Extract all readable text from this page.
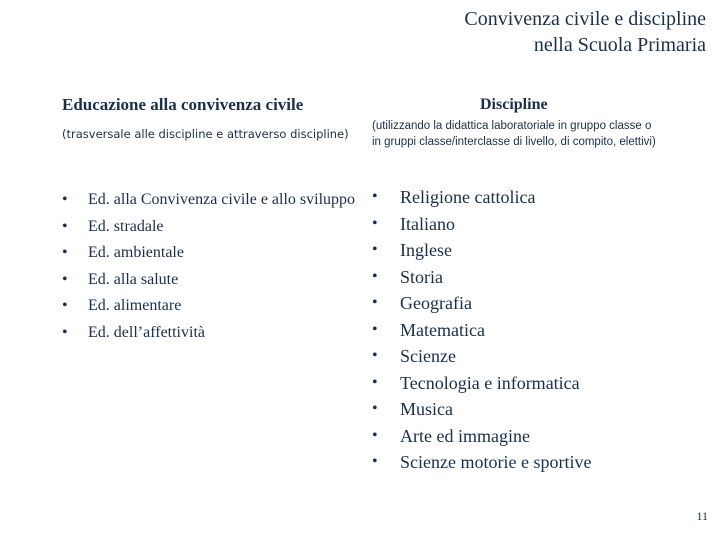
Convivenza civile e discipline
nella Scuola Primaria

Educazione alla convivenza civile

(trasversale alle discipline e attraverso discipline)

Discipline

(utilizzando la didattica laboratoriale in gruppo classe o in gruppi classe/interclasse di livello, di compito, elettivi)
• Ed. alla Convivenza civile e allo sviluppo
• Ed. stradale
• Ed. ambientale
• Ed. alla salute
• Ed. alimentare
• Ed. dell’affettività
• Religione cattolica
• Italiano
• Inglese
• Storia
• Geografia
• Matematica
• Scienze
• Tecnologia e informatica
• Musica
• Arte ed immagine
• Scienze motorie e sportive
11
